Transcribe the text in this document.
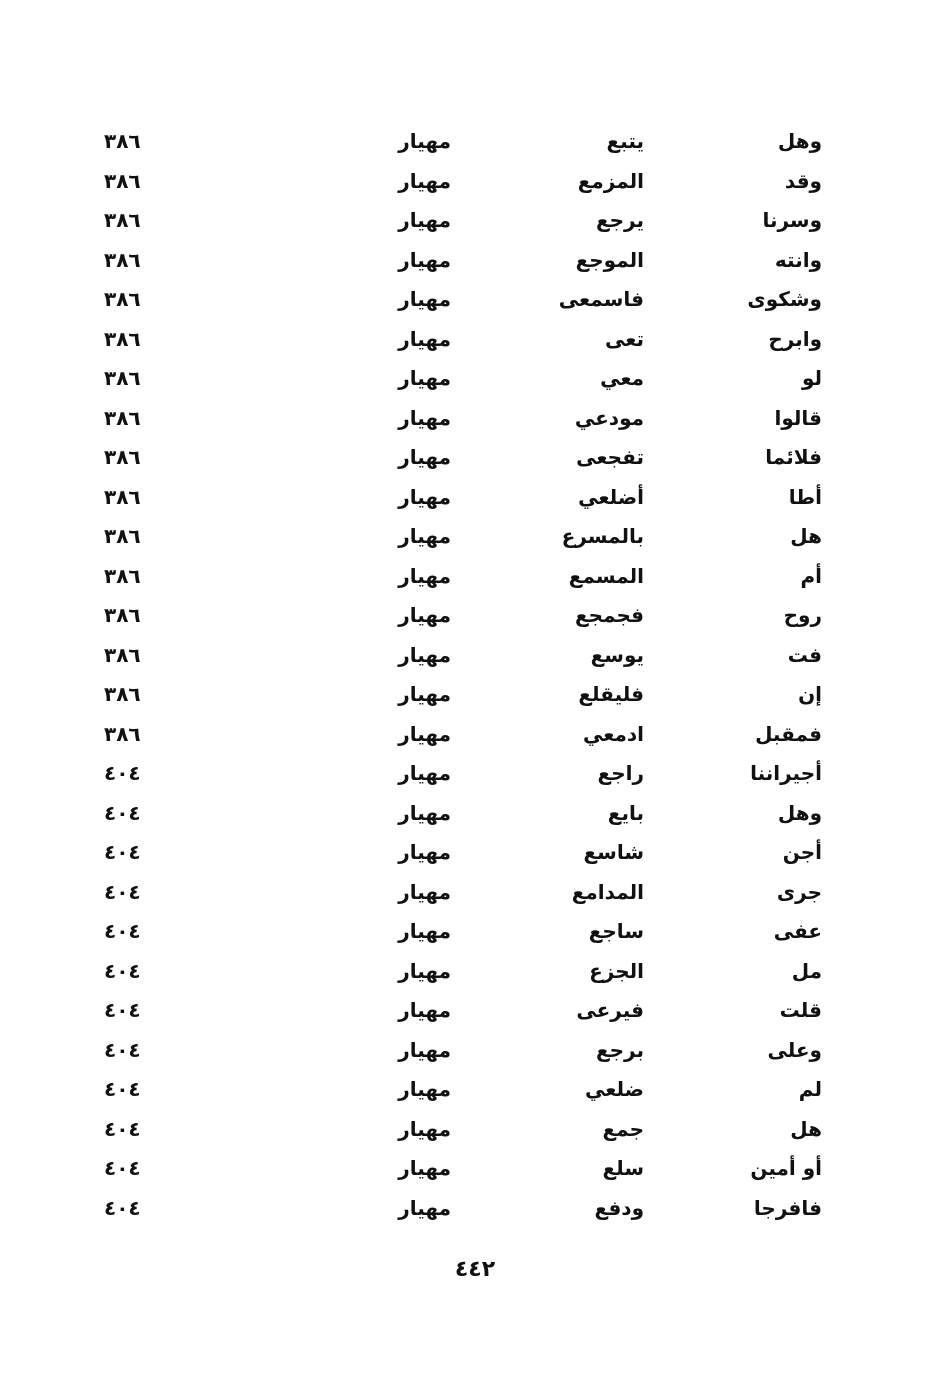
وهل
يتبع
مهيار
٣٨٦
وقد
المزمع
مهيار
٣٨٦
وسرنا
يرجع
مهيار
٣٨٦
وانته
الموجع
مهيار
٣٨٦
وشكوى
فاسمعى
مهيار
٣٨٦
وابرح
تعى
مهيار
٣٨٦
لو
معي
مهيار
٣٨٦
قالوا
مودعي
مهيار
٣٨٦
فلائما
تفجعى
مهيار
٣٨٦
أطا
أضلعي
مهيار
٣٨٦
هل
بالمسرع
مهيار
٣٨٦
أم
المسمع
مهيار
٣٨٦
روح
فجمجع
مهيار
٣٨٦
فت
يوسع
مهيار
٣٨٦
إن
فليقلع
مهيار
٣٨٦
فمقبل
ادمعي
مهيار
٣٨٦
أجيراننا
راجع
مهيار
٤٠٤
وهل
بايع
مهيار
٤٠٤
أجن
شاسع
مهيار
٤٠٤
جرى
المدامع
مهيار
٤٠٤
عفى
ساجع
مهيار
٤٠٤
مل
الجزع
مهيار
٤٠٤
قلت
فيرعى
مهيار
٤٠٤
وعلى
برجع
مهيار
٤٠٤
لم
ضلعي
مهيار
٤٠٤
هل
جمع
مهيار
٤٠٤
أو أمين
سلع
مهيار
٤٠٤
فافرجا
ودفع
مهيار
٤٠٤
٤٤٢
